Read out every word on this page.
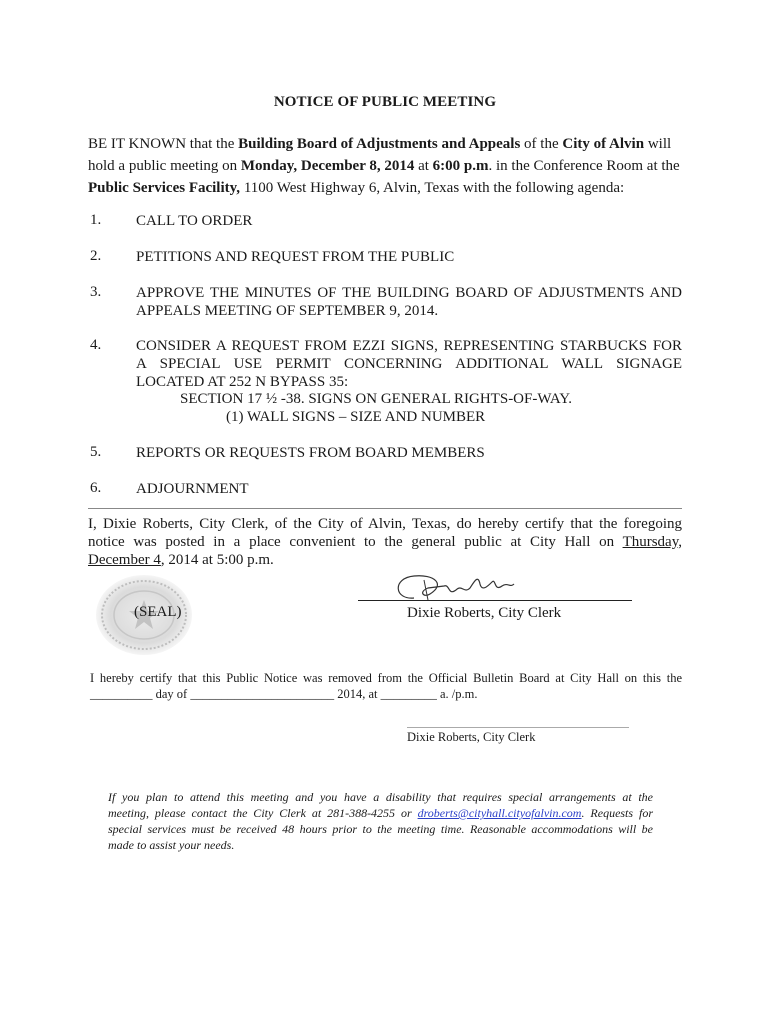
NOTICE OF PUBLIC MEETING
BE IT KNOWN that the Building Board of Adjustments and Appeals of the City of Alvin will hold a public meeting on Monday, December 8, 2014 at 6:00 p.m. in the Conference Room at the Public Services Facility, 1100 West Highway 6, Alvin, Texas with the following agenda:
1. CALL TO ORDER
2. PETITIONS AND REQUEST FROM THE PUBLIC
3. APPROVE THE MINUTES OF THE BUILDING BOARD OF ADJUSTMENTS AND
APPEALS MEETING OF SEPTEMBER 9, 2014.
4. CONSIDER A REQUEST FROM EZZI SIGNS, REPRESENTING STARBUCKS FOR
A SPECIAL USE PERMIT CONCERNING ADDITIONAL WALL SIGNAGE
LOCATED AT 252 N BYPASS 35:
SECTION 17 ½ -38. SIGNS ON GENERAL RIGHTS-OF-WAY.
(1) WALL SIGNS – SIZE AND NUMBER
5. REPORTS OR REQUESTS FROM BOARD MEMBERS
6. ADJOURNMENT
I, Dixie Roberts, City Clerk, of the City of Alvin, Texas, do hereby certify that the foregoing
notice was posted in a place convenient to the general public at City Hall on Thursday,
December 4, 2014 at 5:00 p.m.
(SEAL)	Dixie Roberts, City Clerk
I hereby certify that this Public Notice was removed from the Official Bulletin Board at City Hall on this the
__________ day of _______________________ 2014, at _________ a. /p.m.
Dixie Roberts, City Clerk
If you plan to attend this meeting and you have a disability that requires special arrangements at the
meeting, please contact the City Clerk at 281-388-4255 or droberts@cityhall.cityofalvin.com. Requests for
special services must be received 48 hours prior to the meeting time. Reasonable accommodations will be
made to assist your needs.
